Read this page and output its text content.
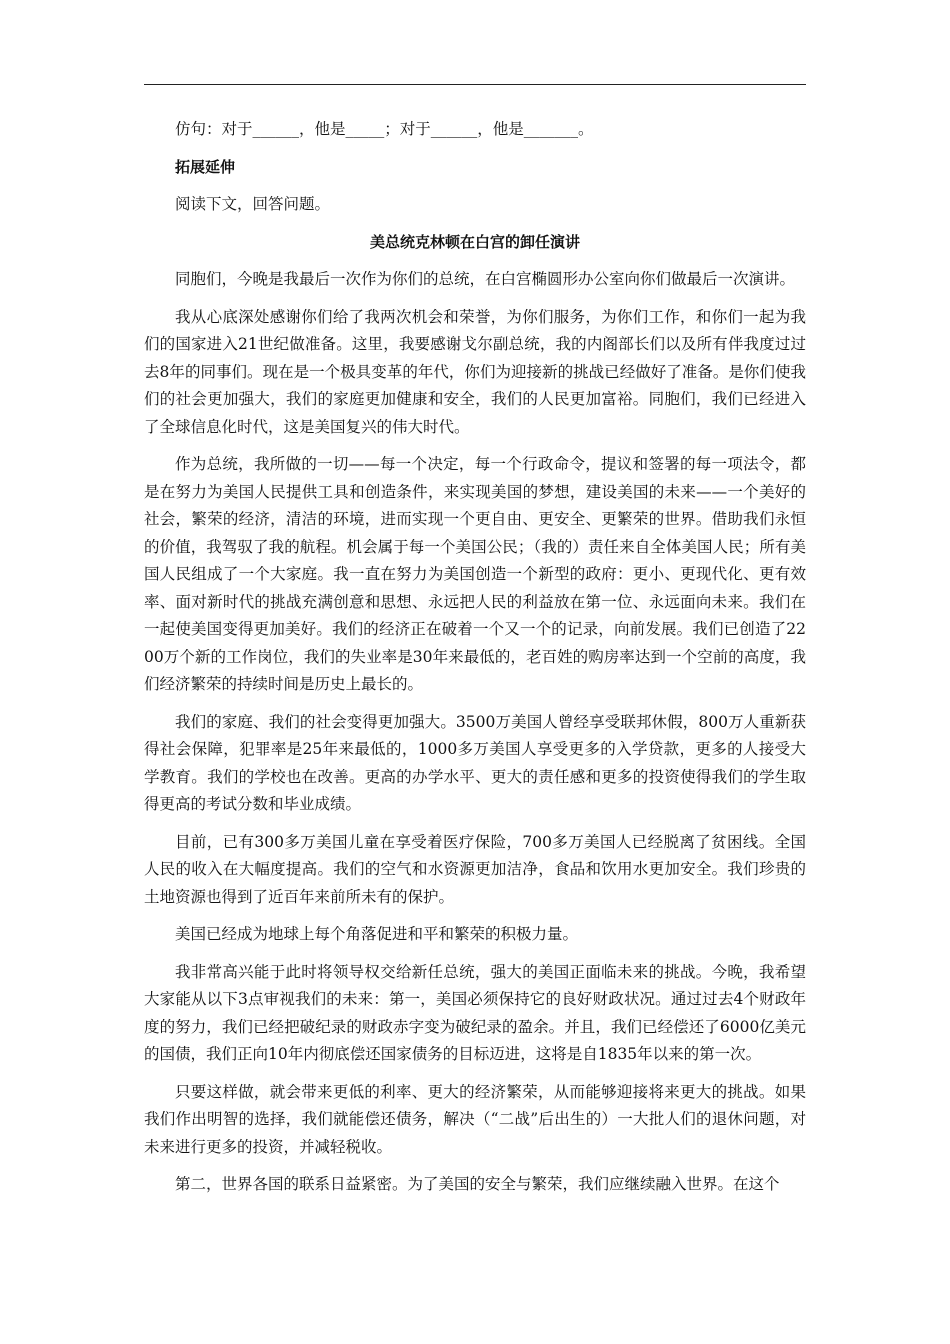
仿句：对于______，他是_____；对于______，他是_______。

拓展延伸

阅读下文，回答问题。

美总统克林顿在白宫的卸任演讲

同胞们，今晚是我最后一次作为你们的总统，在白宫椭圆形办公室向你们做最后一次演讲。

我从心底深处感谢你们给了我两次机会和荣誉，为你们服务，为你们工作，和你们一起为我们的国家进入21世纪做准备。这里，我要感谢戈尔副总统，我的内阁部长们以及所有伴我度过过去8年的同事们。现在是一个极具变革的年代，你们为迎接新的挑战已经做好了准备。是你们使我们的社会更加强大，我们的家庭更加健康和安全，我们的人民更加富裕。同胞们，我们已经进入了全球信息化时代，这是美国复兴的伟大时代。

作为总统，我所做的一切——每一个决定，每一个行政命令，提议和签署的每一项法令，都是在努力为美国人民提供工具和创造条件，来实现美国的梦想，建设美国的未来——一个美好的社会，繁荣的经济，清洁的环境，进而实现一个更自由、更安全、更繁荣的世界。借助我们永恒的价值，我驾驭了我的航程。机会属于每一个美国公民；（我的）责任来自全体美国人民；所有美国人民组成了一个大家庭。我一直在努力为美国创造一个新型的政府：更小、更现代化、更有效率、面对新时代的挑战充满创意和思想、永远把人民的利益放在第一位、永远面向未来。我们在一起使美国变得更加美好。我们的经济正在破着一个又一个的记录，向前发展。我们已创造了2200万个新的工作岗位，我们的失业率是30年来最低的，老百姓的购房率达到一个空前的高度，我们经济繁荣的持续时间是历史上最长的。

我们的家庭、我们的社会变得更加强大。3500万美国人曾经享受联邦休假，800万人重新获得社会保障，犯罪率是25年来最低的，1000多万美国人享受更多的入学贷款，更多的人接受大学教育。我们的学校也在改善。更高的办学水平、更大的责任感和更多的投资使得我们的学生取得更高的考试分数和毕业成绩。

目前，已有300多万美国儿童在享受着医疗保险，700多万美国人已经脱离了贫困线。全国人民的收入在大幅度提高。我们的空气和水资源更加洁净，食品和饮用水更加安全。我们珍贵的土地资源也得到了近百年来前所未有的保护。

美国已经成为地球上每个角落促进和平和繁荣的积极力量。

我非常高兴能于此时将领导权交给新任总统，强大的美国正面临未来的挑战。今晚，我希望大家能从以下3点审视我们的未来：第一，美国必须保持它的良好财政状况。通过过去4个财政年度的努力，我们已经把破纪录的财政赤字变为破纪录的盈余。并且，我们已经偿还了6000亿美元的国债，我们正向10年内彻底偿还国家债务的目标迈进，这将是自1835年以来的第一次。

只要这样做，就会带来更低的利率、更大的经济繁荣，从而能够迎接将来更大的挑战。如果我们作出明智的选择，我们就能偿还债务，解决（“二战”后出生的）一大批人们的退休问题，对未来进行更多的投资，并减轻税收。

第二，世界各国的联系日益紧密。为了美国的安全与繁荣，我们应继续融入世界。在这个
